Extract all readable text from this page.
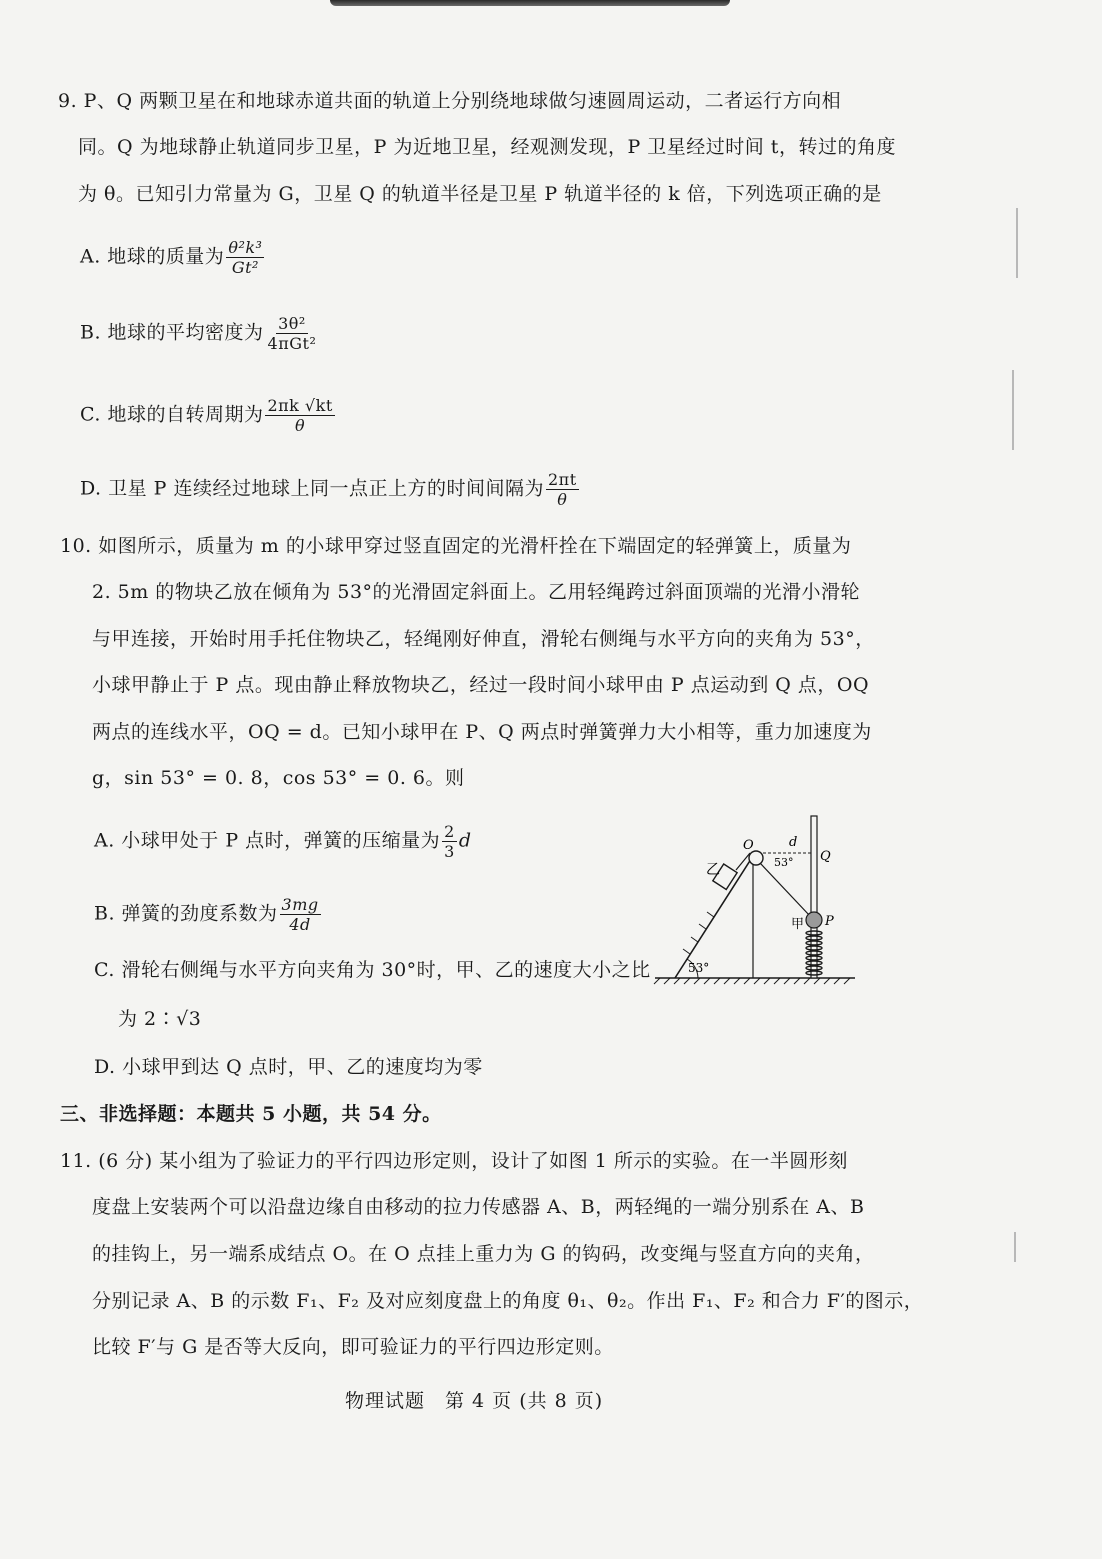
9. P、Q 两颗卫星在和地球赤道共面的轨道上分别绕地球做匀速圆周运动，二者运行方向相
同。Q 为地球静止轨道同步卫星，P 为近地卫星，经观测发现，P 卫星经过时间 t，转过的角度
为 θ。已知引力常量为 G，卫星 Q 的轨道半径是卫星 P 轨道半径的 k 倍，下列选项正确的是
A. 地球的质量为 $\frac{\text{θ²k³}}{\text{Gt²}}$
B. 地球的平均密度为 $\frac{\text{3θ²}}{\text{4πGt²}}$
C. 地球的自转周期为 $\frac{2\pi k √kt}{\theta}$
D. 卫星 P 连续经过地球上同一点正上方的时间间隔为 $\frac{2\pi t}{\theta}$
10. 如图所示，质量为 m 的小球甲穿过竖直固定的光滑杆拴在下端固定的轻弹簧上，质量为
2. 5m 的物块乙放在倾角为 53°的光滑固定斜面上。乙用轻绳跨过斜面顶端的光滑小滑轮
与甲连接，开始时用手托住物块乙，轻绳刚好伸直，滑轮右侧绳与水平方向的夹角为 53°，
小球甲静止于 P 点。现由静止释放物块乙，经过一段时间小球甲由 P 点运动到 Q 点，OQ
两点的连线水平，OQ = d。已知小球甲在 P、Q 两点时弹簧弹力大小相等，重力加速度为
g，sin 53° = 0. 8，cos 53° = 0. 6。则
A. 小球甲处于 P 点时，弹簧的压缩量为 $\frac{2}{3}$ d
B. 弹簧的劲度系数为 $\frac{3mg}{4d}$
C. 滑轮右侧绳与水平方向夹角为 30°时，甲、乙的速度大小之比
为 2∶√3
D. 小球甲到达 Q 点时，甲、乙的速度均为零
53°
乙
O	d
53° Q
甲 P
三、非选择题：本题共 5 小题，共 54 分。
11. (6 分) 某小组为了验证力的平行四边形定则，设计了如图 1 所示的实验。在一半圆形刻
度盘上安装两个可以沿盘边缘自由移动的拉力传感器 A、B，两轻绳的一端分别系在 A、B
的挂钩上，另一端系成结点 O。在 O 点挂上重力为 G 的钩码，改变绳与竖直方向的夹角，
分别记录 A、B 的示数 F₁、F₂ 及对应刻度盘上的角度 θ₁、θ₂。作出 F₁、F₂ 和合力 F′的图示，
比较 F′与 G 是否等大反向，即可验证力的平行四边形定则。
物理试题　第 4 页 (共 8 页)
